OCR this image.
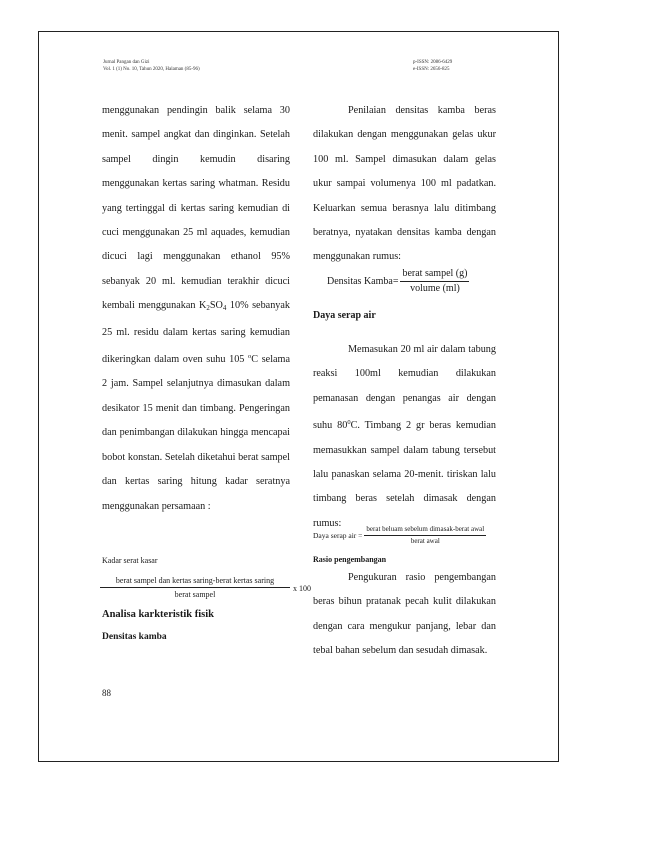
Jurnal Pangan dan Gizi
Vol. 1 (1) No. 10, Tahun 2020, Halaman (85-96)
p-ISSN: 2086-6429
e-ISSN: 2656-825

menggunakan pendingin balik selama 30 menit. sampel angkat dan dinginkan. Setelah sampel dingin kemudin disaring menggunakan kertas saring whatman. Residu yang tertinggal di kertas saring kemudian di cuci menggunakan 25 ml aquades, kemudian dicuci lagi menggunakan ethanol 95% sebanyak 20 ml. kemudian terakhir dicuci kembali menggunakan $K_2SO_4$ 10% sebanyak 25 ml. residu dalam kertas saring kemudian dikeringkan dalam oven suhu 105 $^o$C selama 2 jam. Sampel selanjutnya dimasukan dalam desikator 15 menit dan timbang. Pengeringan dan penimbangan dilakukan hingga mencapai bobot konstan. Setelah diketahui berat sampel dan kertas saring hitung kadar seratnya menggunakan persamaan :

Kadar serat kasar
berat sampel dan kertas saring-berat kertas saring
berat sampel
x 100
Analisa karkteristik fisik
Densitas kamba
88

Penilaian densitas kamba beras dilakukan dengan menggunakan gelas ukur 100 ml. Sampel dimasukan dalam gelas ukur sampai volumenya 100 ml padatkan. Keluarkan semua berasnya lalu ditimbang beratnya, nyatakan densitas kamba dengan menggunakan rumus:

Densitas Kamba= $\frac{\text{berat sampel (g)}}{\text{volume (ml)}}$
Daya serap air

Memasukan 20 ml air dalam tabung reaksi 100ml kemudian dilakukan pemanasan dengan penangas air dengan suhu $80^0C$. Timbang 2 gr beras kemudian memasukkan sampel dalam tabung tersebut lalu panaskan selama 20-menit. tiriskan lalu timbang beras setelah dimasak dengan rumus:

Daya serap air = $\frac{\text{berat beluam sebelum dimasak-berat awal}}{\text{berat awal}}$
Rasio pengembangan

Pengukuran rasio pengembangan beras bihun pratanak pecah kulit dilakukan dengan cara mengukur panjang, lebar dan tebal bahan sebelum dan sesudah dimasak.
